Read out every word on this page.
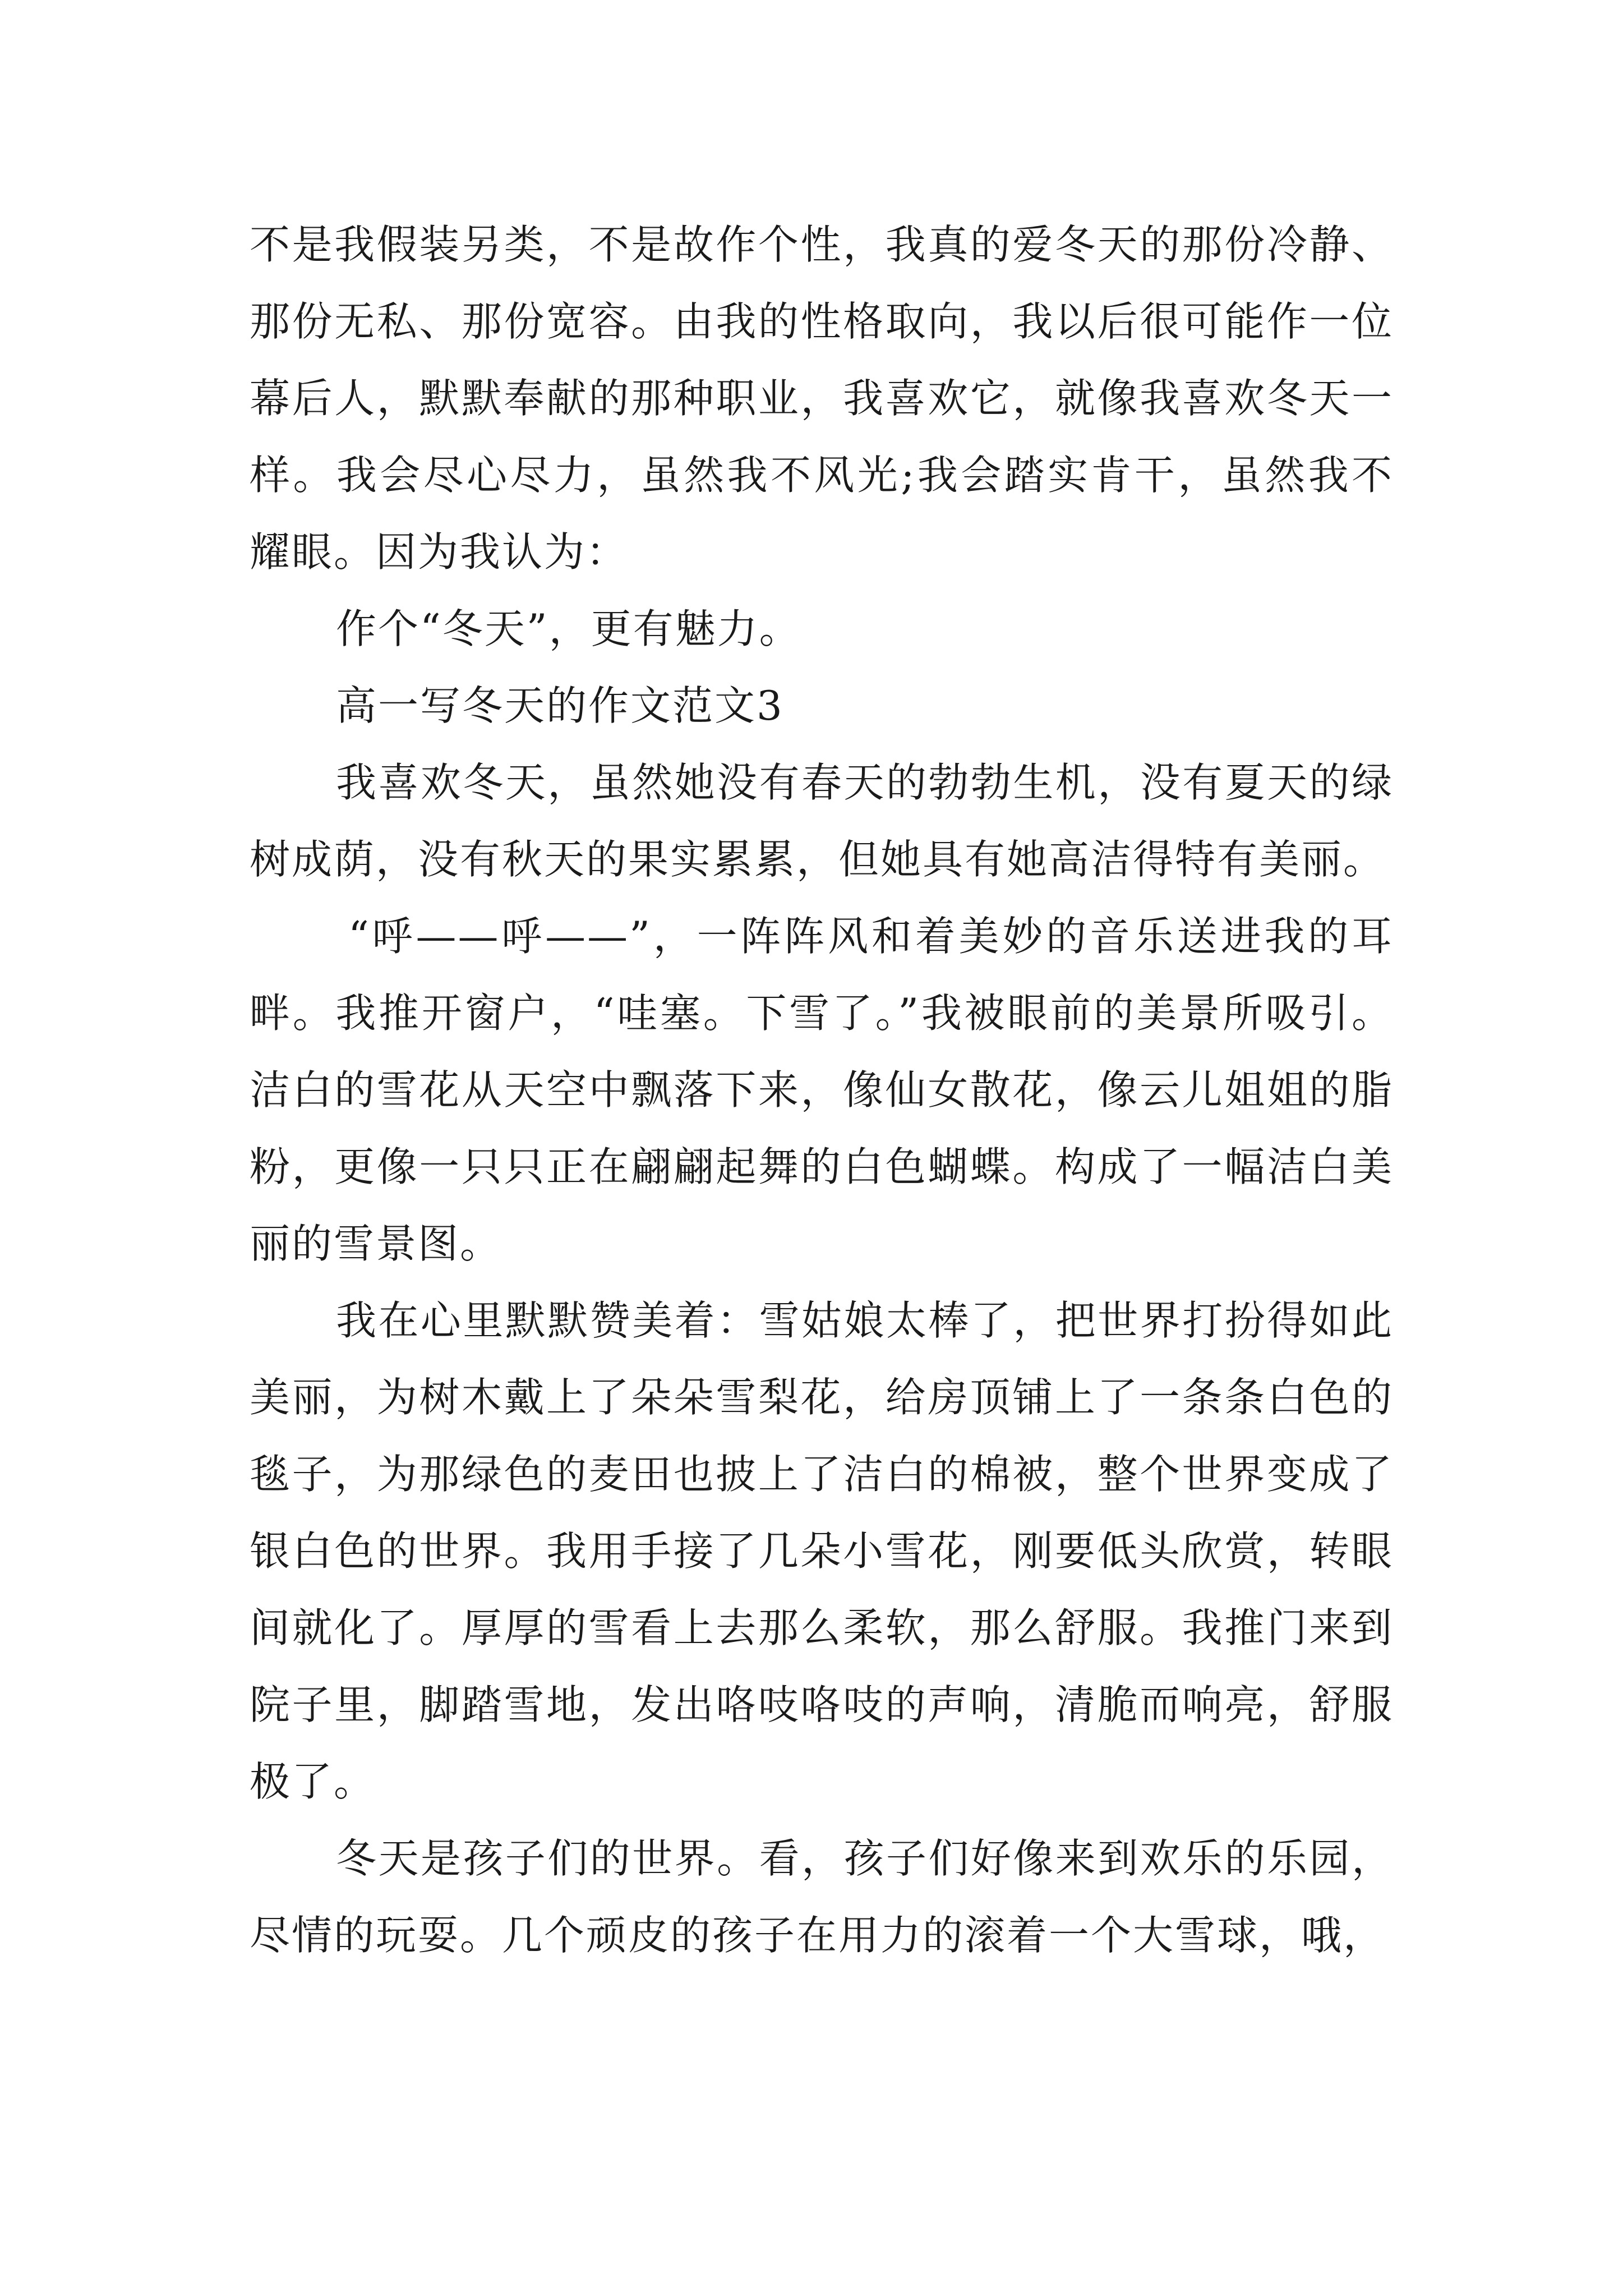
不是我假装另类，不是故作个性，我真的爱冬天的那份冷静、那份无私、那份宽容。由我的性格取向，我以后很可能作一位幕后人，默默奉献的那种职业，我喜欢它，就像我喜欢冬天一样。我会尽心尽力，虽然我不风光;我会踏实肯干，虽然我不耀眼。因为我认为：

作个“冬天”，更有魅力。

高一写冬天的作文范文3

我喜欢冬天，虽然她没有春天的勃勃生机，没有夏天的绿树成荫，没有秋天的果实累累，但她具有她高洁得特有美丽。

“呼——呼——”，一阵阵风和着美妙的音乐送进我的耳畔。我推开窗户，“哇塞。下雪了。”我被眼前的美景所吸引。洁白的雪花从天空中飘落下来，像仙女散花，像云儿姐姐的脂粉，更像一只只正在翩翩起舞的白色蝴蝶。构成了一幅洁白美丽的雪景图。

我在心里默默赞美着：雪姑娘太棒了，把世界打扮得如此美丽，为树木戴上了朵朵雪梨花，给房顶铺上了一条条白色的毯子，为那绿色的麦田也披上了洁白的棉被，整个世界变成了银白色的世界。我用手接了几朵小雪花，刚要低头欣赏，转眼间就化了。厚厚的雪看上去那么柔软，那么舒服。我推门来到院子里，脚踏雪地，发出咯吱咯吱的声响，清脆而响亮，舒服极了。

冬天是孩子们的世界。看，孩子们好像来到欢乐的乐园，尽情的玩耍。几个顽皮的孩子在用力的滚着一个大雪球，哦，
